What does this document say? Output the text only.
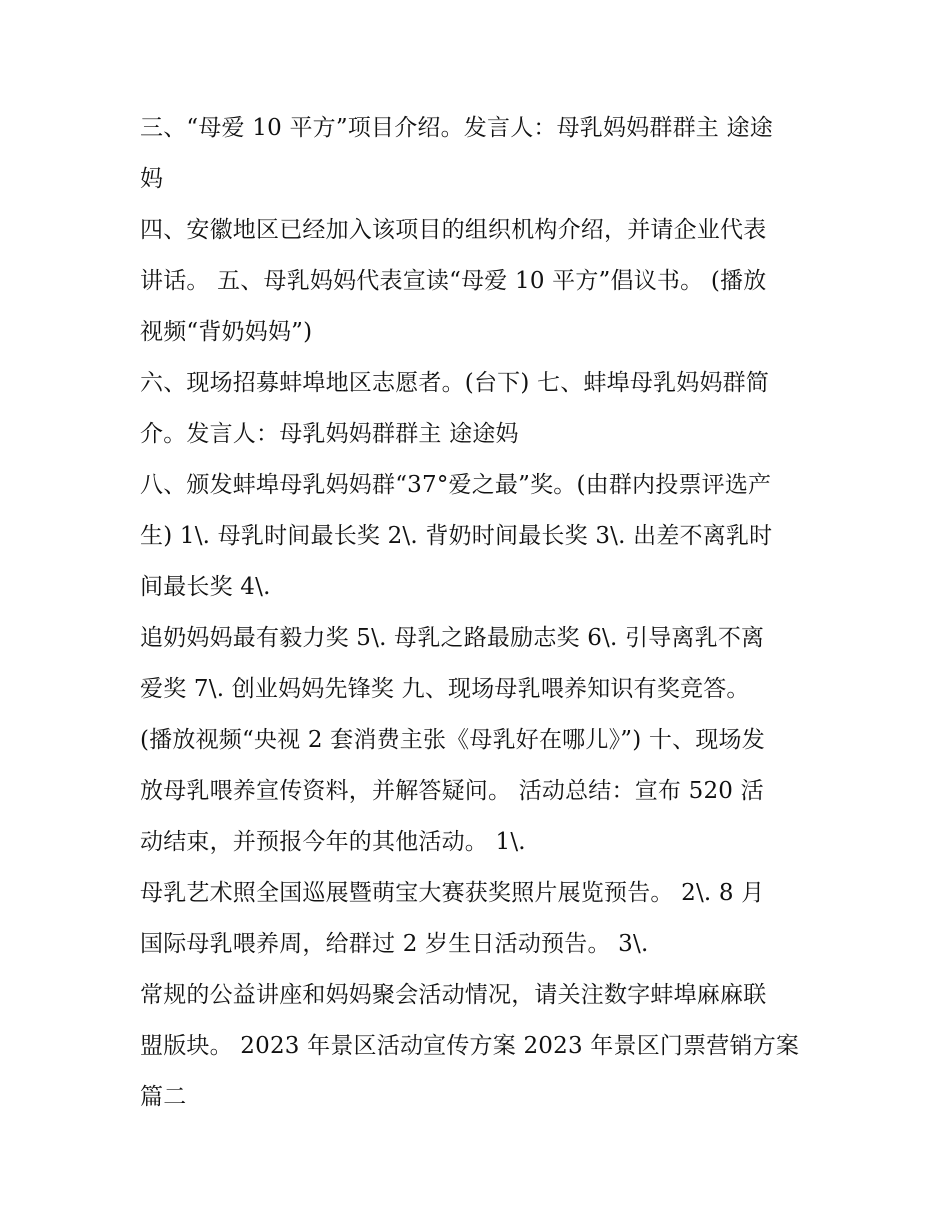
三、“母爱 10 平方”项目介绍。发言人：母乳妈妈群群主 途途
妈
四、安徽地区已经加入该项目的组织机构介绍，并请企业代表
讲话。 五、母乳妈妈代表宣读“母爱 10 平方”倡议书。 (播放
视频“背奶妈妈”)
六、现场招募蚌埠地区志愿者。(台下) 七、蚌埠母乳妈妈群简
介。发言人：母乳妈妈群群主 途途妈
八、颁发蚌埠母乳妈妈群“37°爱之最”奖。(由群内投票评选产
生) 1\. 母乳时间最长奖 2\. 背奶时间最长奖 3\. 出差不离乳时
间最长奖 4\.
追奶妈妈最有毅力奖 5\. 母乳之路最励志奖 6\. 引导离乳不离
爱奖 7\. 创业妈妈先锋奖 九、现场母乳喂养知识有奖竞答。
(播放视频“央视 2 套消费主张《母乳好在哪儿》”) 十、现场发
放母乳喂养宣传资料，并解答疑问。 活动总结：宣布 520 活
动结束，并预报今年的其他活动。 1\.
母乳艺术照全国巡展暨萌宝大赛获奖照片展览预告。 2\. 8 月
国际母乳喂养周，给群过 2 岁生日活动预告。 3\.
常规的公益讲座和妈妈聚会活动情况，请关注数字蚌埠麻麻联
盟版块。 2023 年景区活动宣传方案 2023 年景区门票营销方案
篇二
